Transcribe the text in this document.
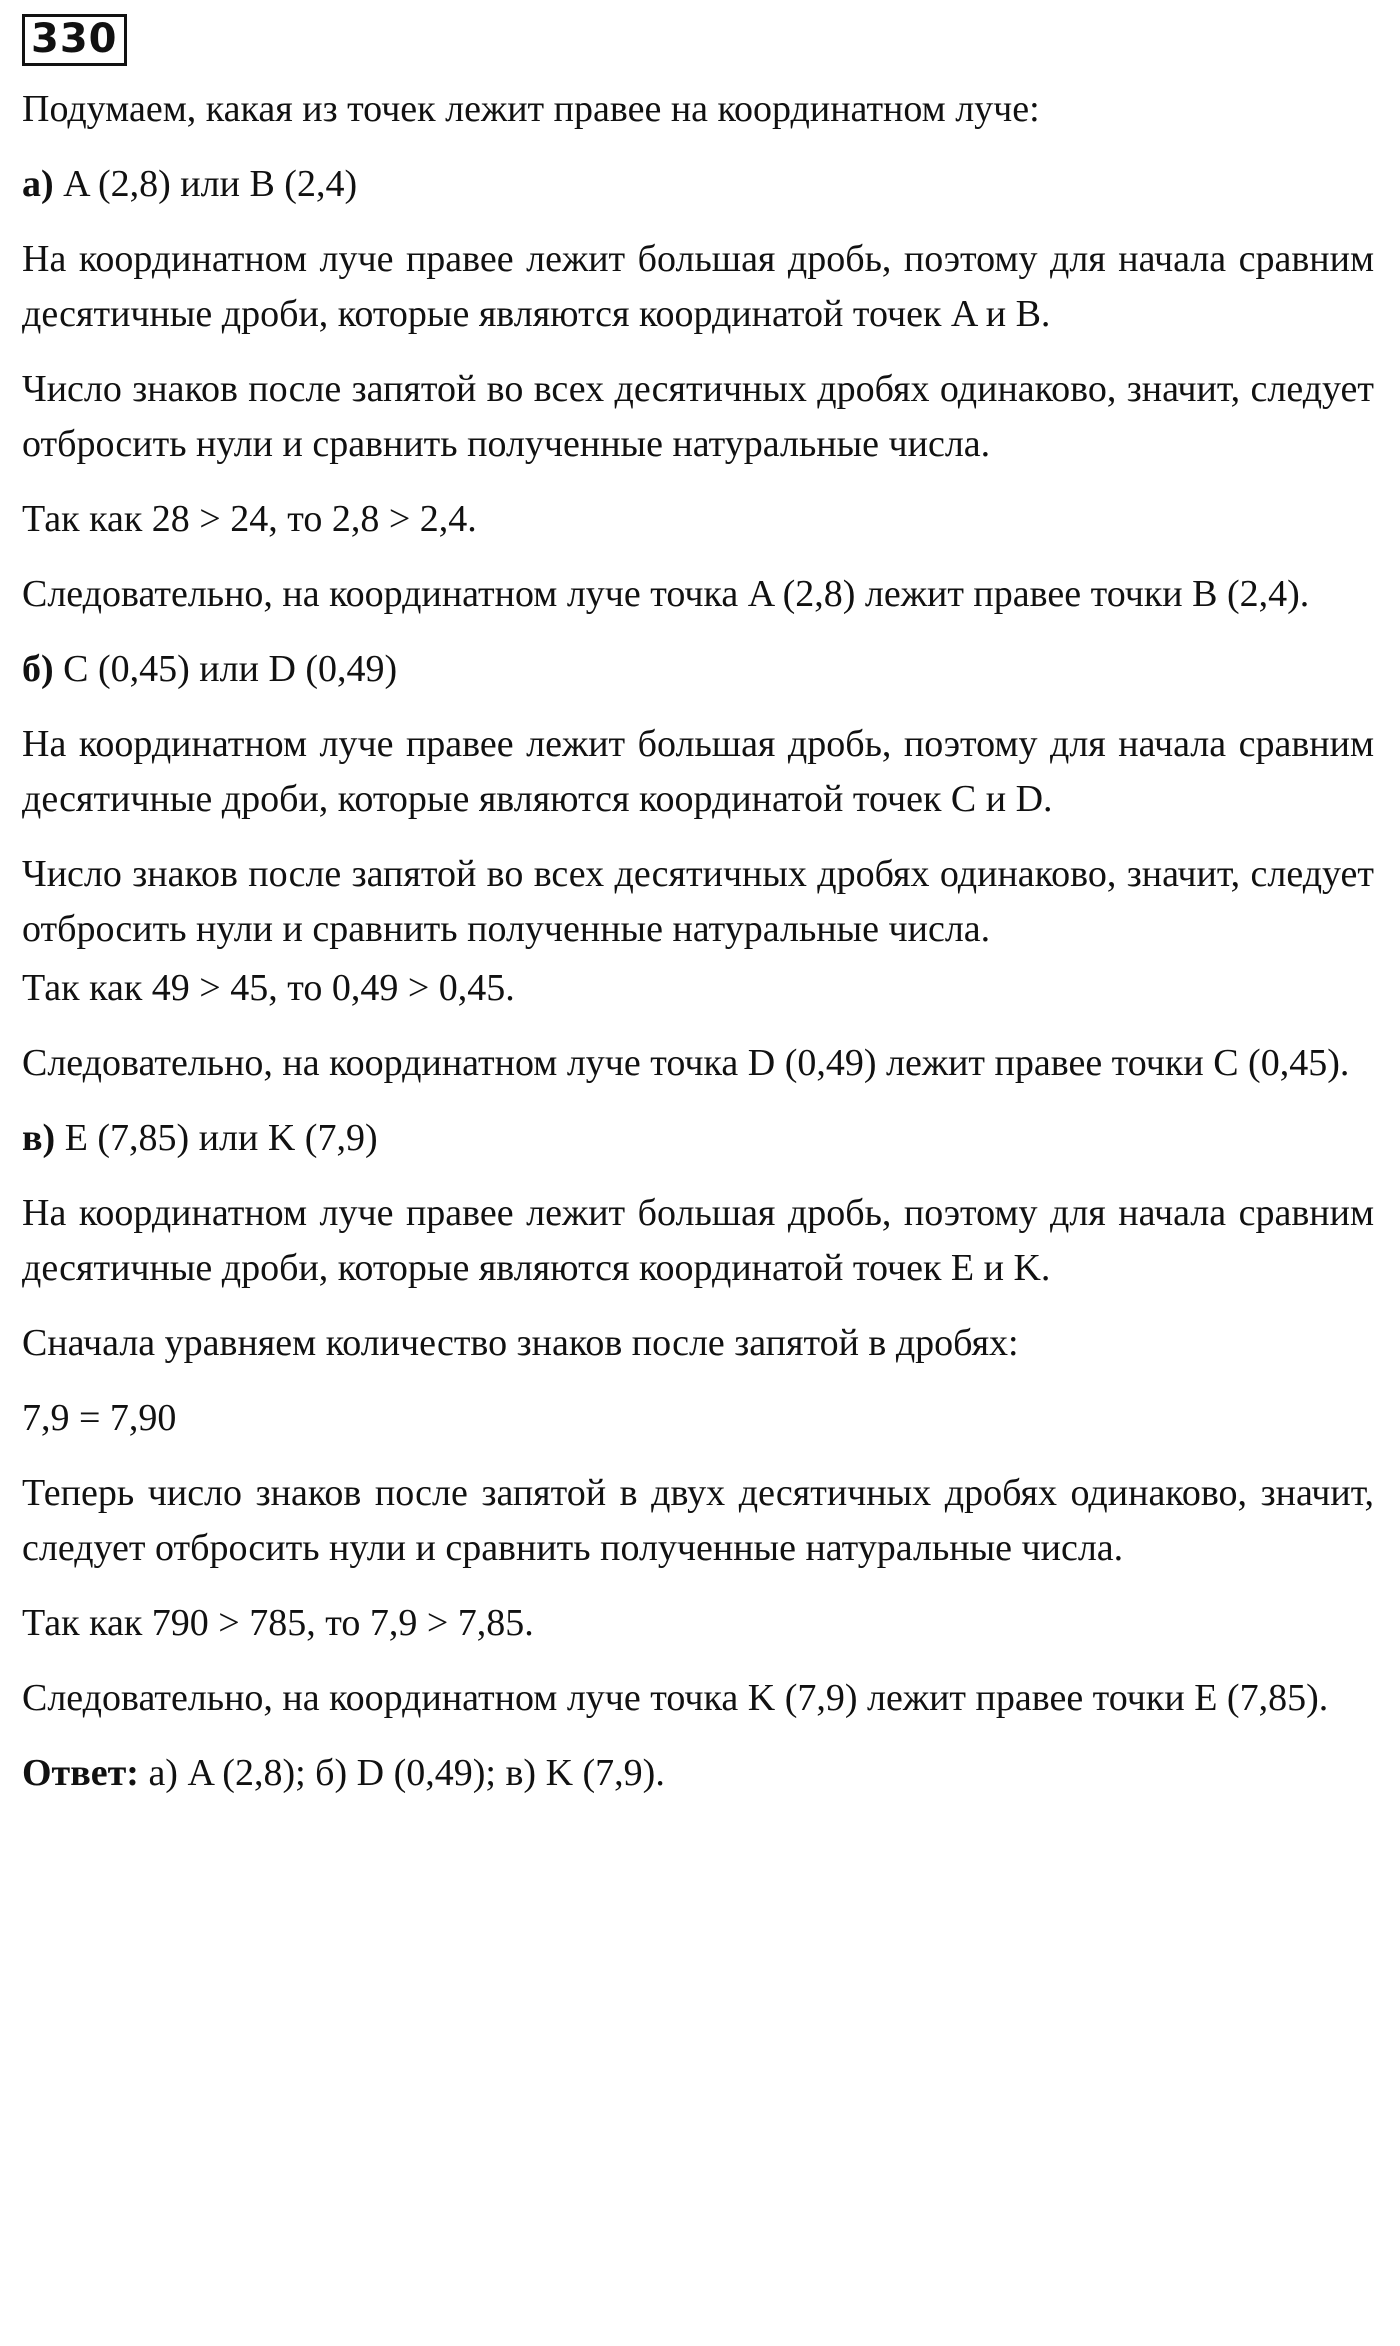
330

Подумаем, какая из точек лежит правее на координатном луче:

а) A (2,8) или B (2,4)

На координатном луче правее лежит большая дробь, поэтому для начала сравним десятичные дроби, которые являются координатой точек A и B.

Число знаков после запятой во всех десятичных дробях одинаково, значит, следует отбросить нули и сравнить полученные натуральные числа.

Так как 28 > 24, то 2,8 > 2,4.

Следовательно, на координатном луче точка A (2,8) лежит правее точки B (2,4).

б) C (0,45) или D (0,49)

На координатном луче правее лежит большая дробь, поэтому для начала сравним десятичные дроби, которые являются координатой точек C и D.

Число знаков после запятой во всех десятичных дробях одинаково, значит, следует отбросить нули и сравнить полученные натуральные числа.

Так как 49 > 45, то 0,49 > 0,45.

Следовательно, на координатном луче точка D (0,49) лежит правее точки C (0,45).

в) E (7,85) или K (7,9)

На координатном луче правее лежит большая дробь, поэтому для начала сравним десятичные дроби, которые являются координатой точек E и K.

Сначала уравняем количество знаков после запятой в дробях:

7,9 = 7,90

Теперь число знаков после запятой в двух десятичных дробях одинаково, значит, следует отбросить нули и сравнить полученные натуральные числа.

Так как 790 > 785, то 7,9 > 7,85.

Следовательно, на координатном луче точка K (7,9) лежит правее точки E (7,85).

Ответ: а) A (2,8); б) D (0,49); в) K (7,9).
